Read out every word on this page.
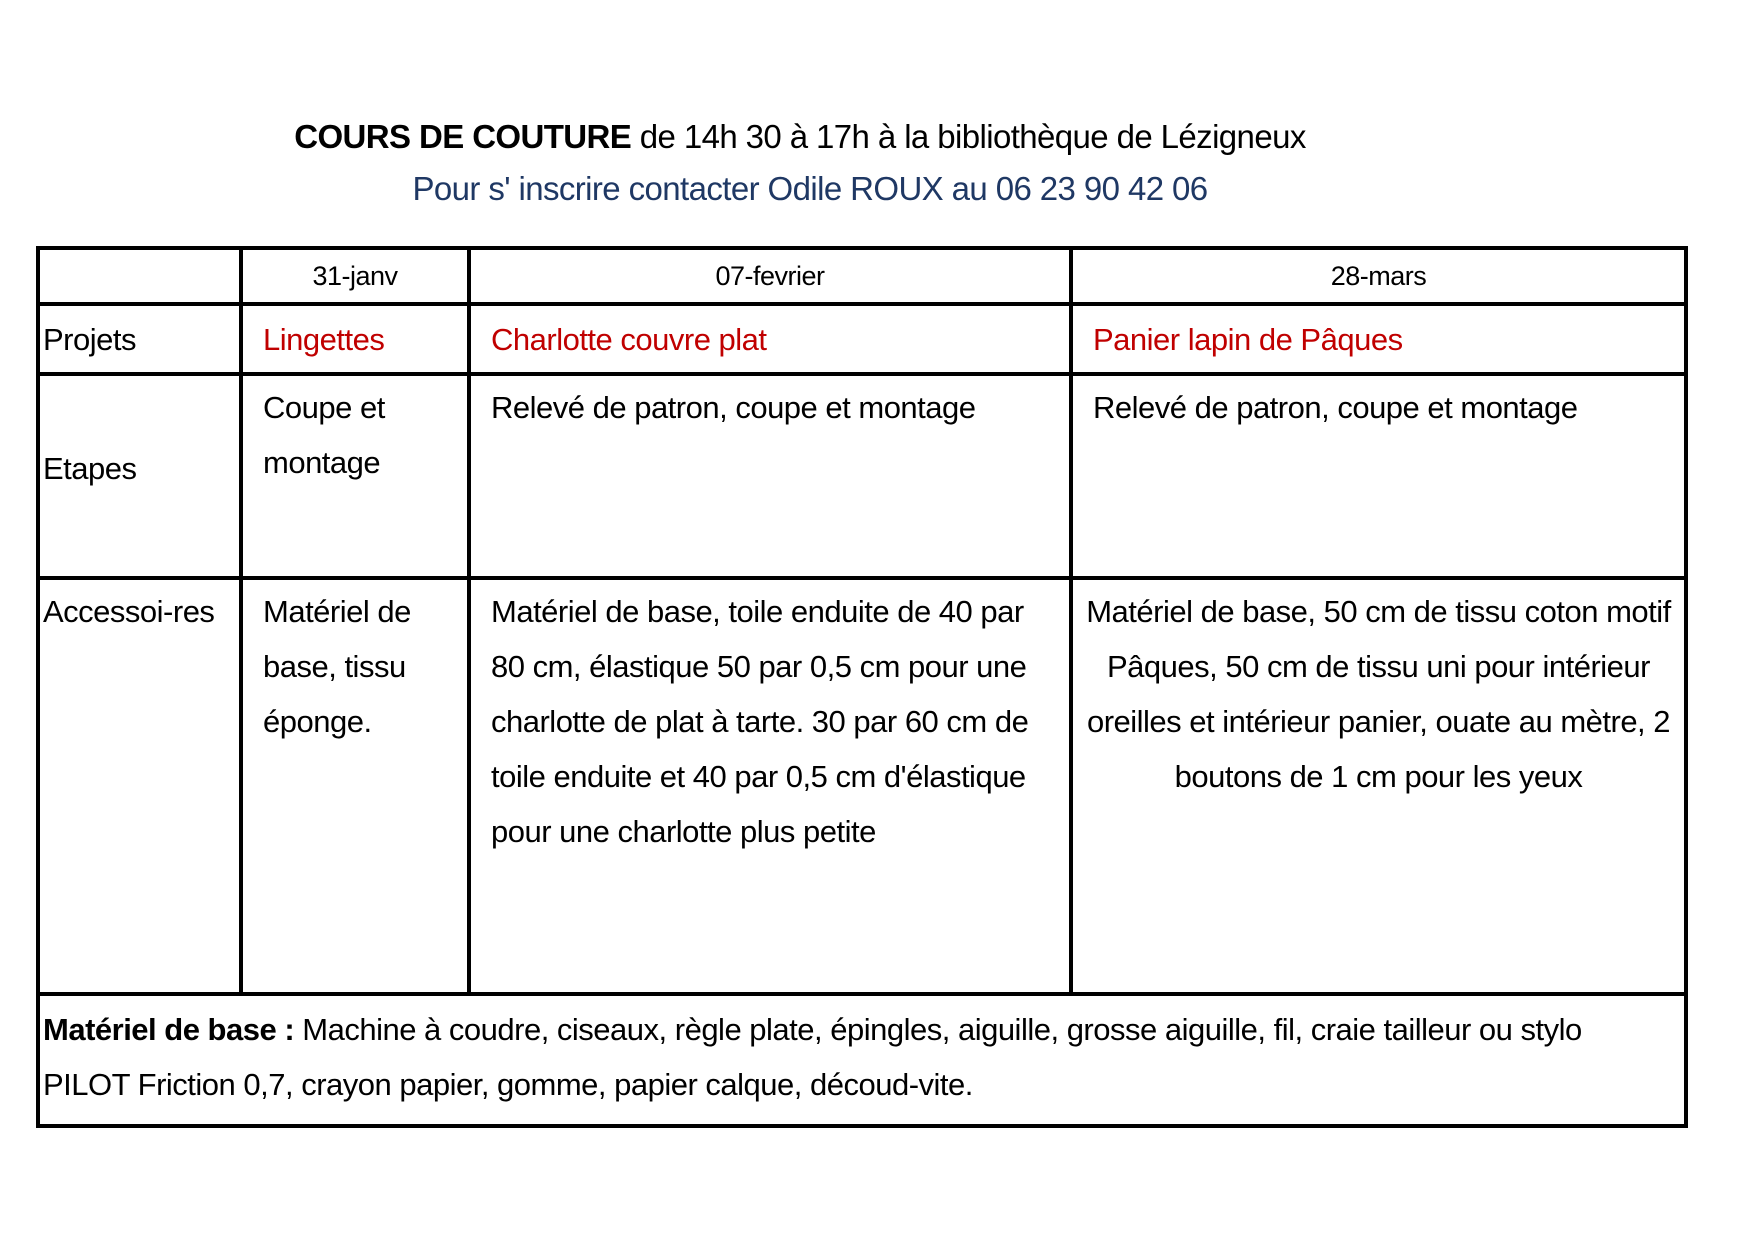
COURS DE COUTURE de 14h 30 à 17h à la bibliothèque de Lézigneux
Pour s' inscrire contacter Odile ROUX au 06 23 90 42 06
	31-janv	07-fevrier	28-mars
Projets	Lingettes	Charlotte couvre plat	Panier lapin de Pâques
Etapes	Coupe et montage	Relevé de patron, coupe et montage	Relevé de patron, coupe et montage
Accessoi-res	Matériel de base, tissu éponge.	Matériel de base, toile enduite de 40 par 80 cm, élastique 50 par 0,5 cm pour une charlotte de plat à tarte. 30 par 60 cm de toile enduite et 40 par 0,5 cm d'élastique pour une charlotte plus petite	Matériel de base, 50 cm de tissu coton motif Pâques, 50 cm de tissu uni pour intérieur oreilles et intérieur panier, ouate au mètre, 2 boutons de 1 cm pour les yeux
Matériel de base : Machine à coudre, ciseaux, règle plate, épingles, aiguille, grosse aiguille, fil, craie tailleur ou stylo PILOT Friction 0,7, crayon papier, gomme, papier calque, découd-vite.			
